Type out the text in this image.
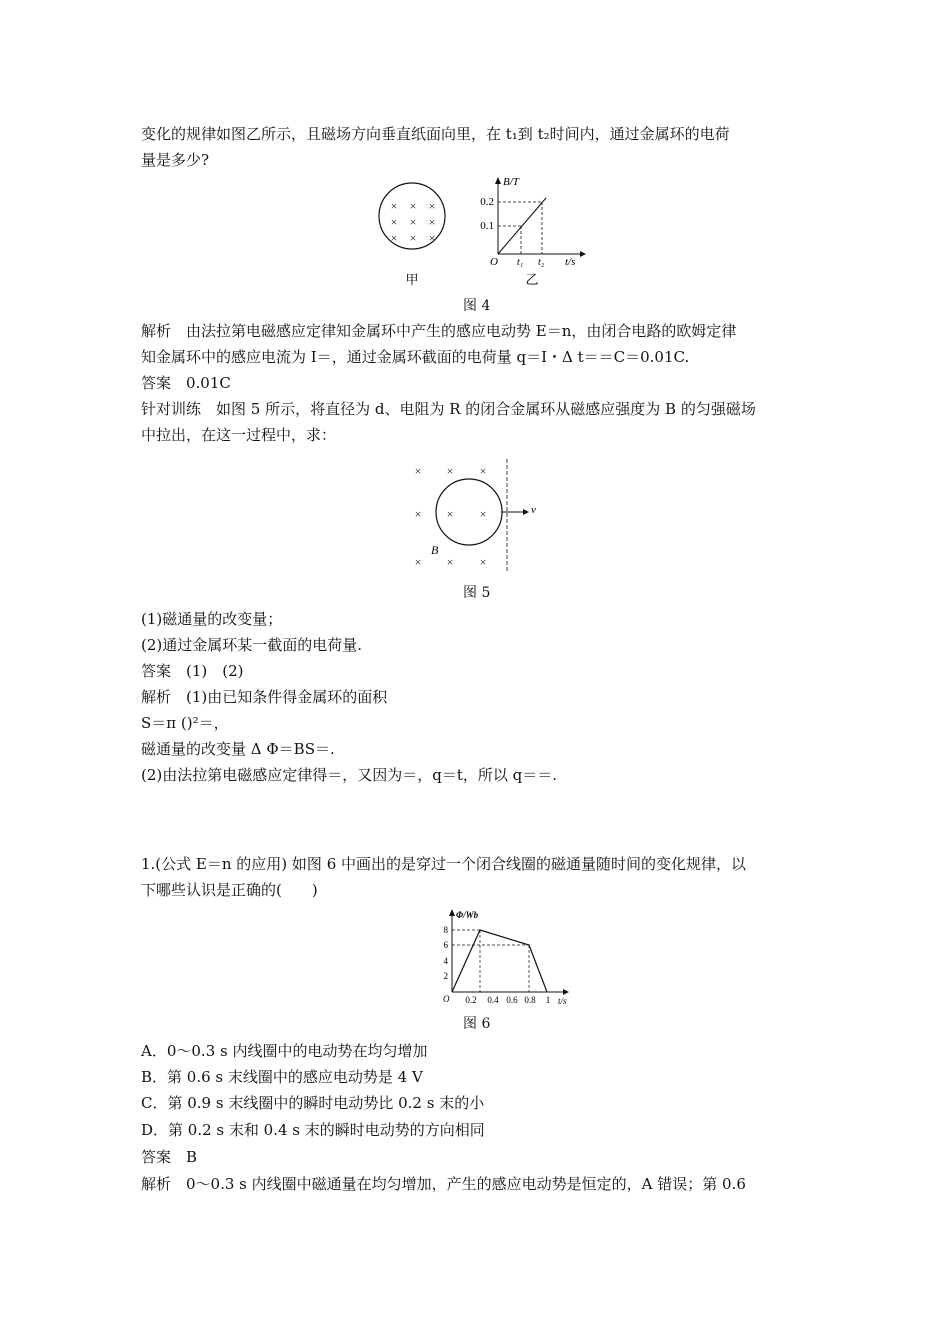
变化的规律如图乙所示，且磁场方向垂直纸面向里，在 t₁到 t₂时间内，通过金属环的电荷
量是多少?
× × ×
× × ×
× × ×
甲
B/T
0.2
0.1
O t₁ t₂ t/s
乙
图 4
解析　由法拉第电磁感应定律知金属环中产生的感应电动势 E＝n，由闭合电路的欧姆定律
知金属环中的感应电流为 I＝，通过金属环截面的电荷量 q＝I・Δ t＝＝C＝0.01C.
答案　0.01C
针对训练　如图 5 所示，将直径为 d、电阻为 R 的闭合金属环从磁感应强度为 B 的匀强磁场
中拉出，在这一过程中，求：
× × ×
× × ×
× × ×
v
B
图 5
(1)磁通量的改变量；
(2)通过金属环某一截面的电荷量.
答案　(1)　(2)
解析　(1)由已知条件得金属环的面积
S＝π ()²＝，
磁通量的改变量 Δ Φ＝BS＝.
(2)由法拉第电磁感应定律得＝，又因为＝，q＝t，所以 q＝＝.
1.(公式 E＝n 的应用) 如图 6 中画出的是穿过一个闭合线圈的磁通量随时间的变化规律，以
下哪些认识是正确的(　　)
Φ/Wb
8
6
4
2
O 0.2 0.4 0.6 0.8 1 t/s
图 6
A．0～0.3 s 内线圈中的电动势在均匀增加
B．第 0.6 s 末线圈中的感应电动势是 4 V
C．第 0.9 s 末线圈中的瞬时电动势比 0.2 s 末的小
D．第 0.2 s 末和 0.4 s 末的瞬时电动势的方向相同
答案　B
解析　0～0.3 s 内线圈中磁通量在均匀增加，产生的感应电动势是恒定的，A 错误；第 0.6
